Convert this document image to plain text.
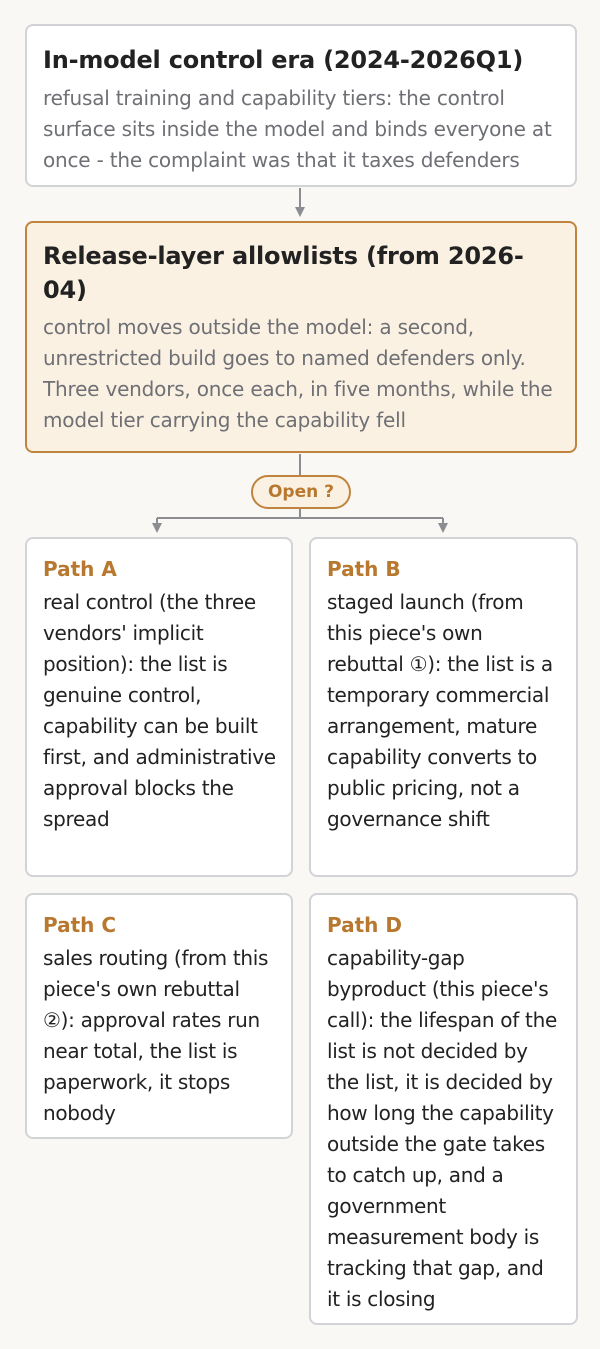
In-model control era (2024-2026Q1)
refusal training and capability tiers: the control surface sits inside the model and binds everyone at once - the complaint was that it taxes defenders
Release-layer allowlists (from 2026-04)
control moves outside the model: a second, unrestricted build goes to named defenders only. Three vendors, once each, in five months, while the model tier carrying the capability fell
Open ?
Path A
real control (the three vendors' implicit position): the list is genuine control, capability can be built first, and administrative approval blocks the spread
Path B
staged launch (from this piece's own rebuttal ①): the list is a temporary commercial arrangement, mature capability converts to public pricing, not a governance shift
Path C
sales routing (from this piece's own rebuttal ②): approval rates run near total, the list is paperwork, it stops nobody
Path D
capability-gap byproduct (this piece's call): the lifespan of the list is not decided by the list, it is decided by how long the capability outside the gate takes to catch up, and a government measurement body is tracking that gap, and it is closing
